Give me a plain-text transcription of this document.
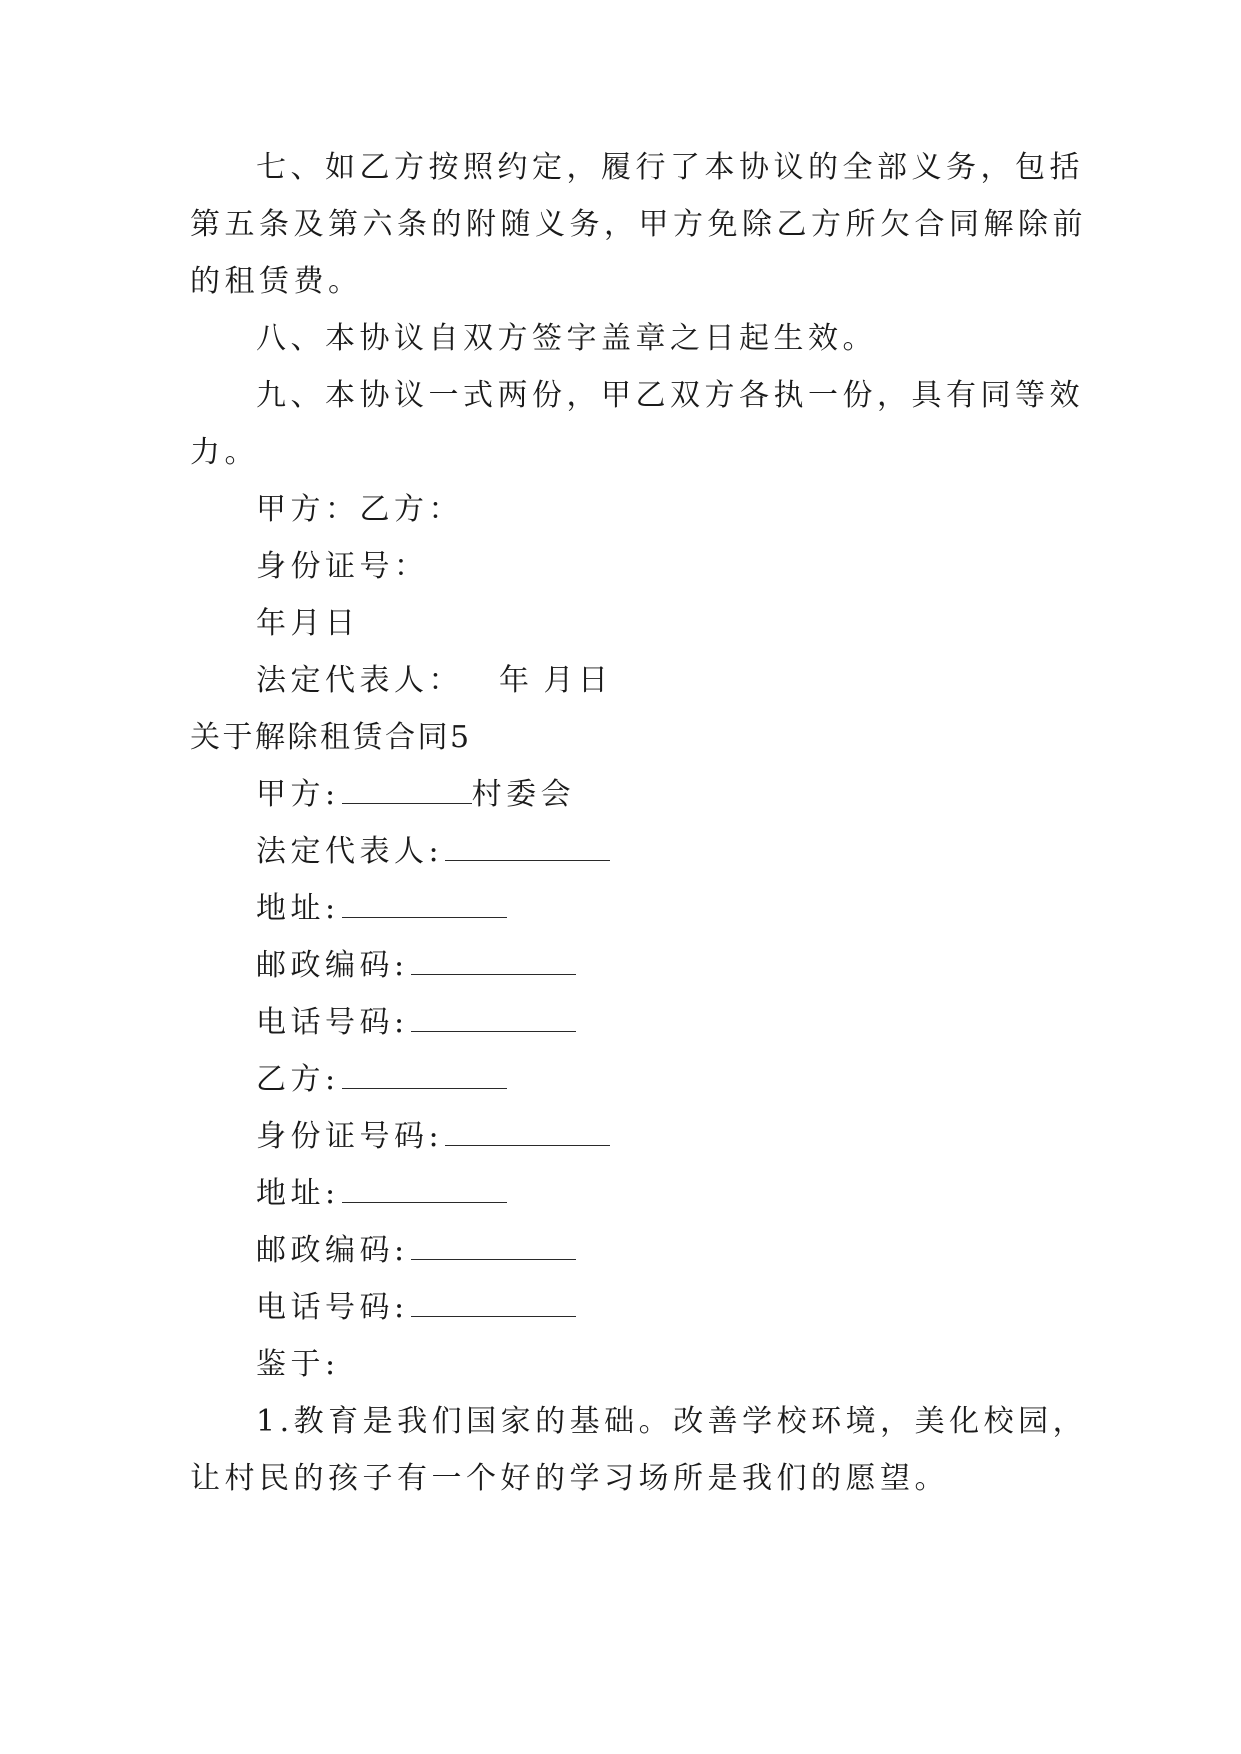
七、如乙方按照约定，履行了本协议的全部义务，包括
第五条及第六条的附随义务，甲方免除乙方所欠合同解除前
的租赁费。
八、本协议自双方签字盖章之日起生效。
九、本协议一式两份，甲乙双方各执一份，具有同等效
力。
甲方：乙方：
身份证号：
年月日
法定代表人： 年 月日
关于解除租赁合同5
甲方:	村委会
法定代表人:
地址:
邮政编码:
电话号码:
乙方:
身份证号码:
地址:
邮政编码:
电话号码:
鉴于:
1.教育是我们国家的基础。改善学校环境，美化校园，
让村民的孩子有一个好的学习场所是我们的愿望。
